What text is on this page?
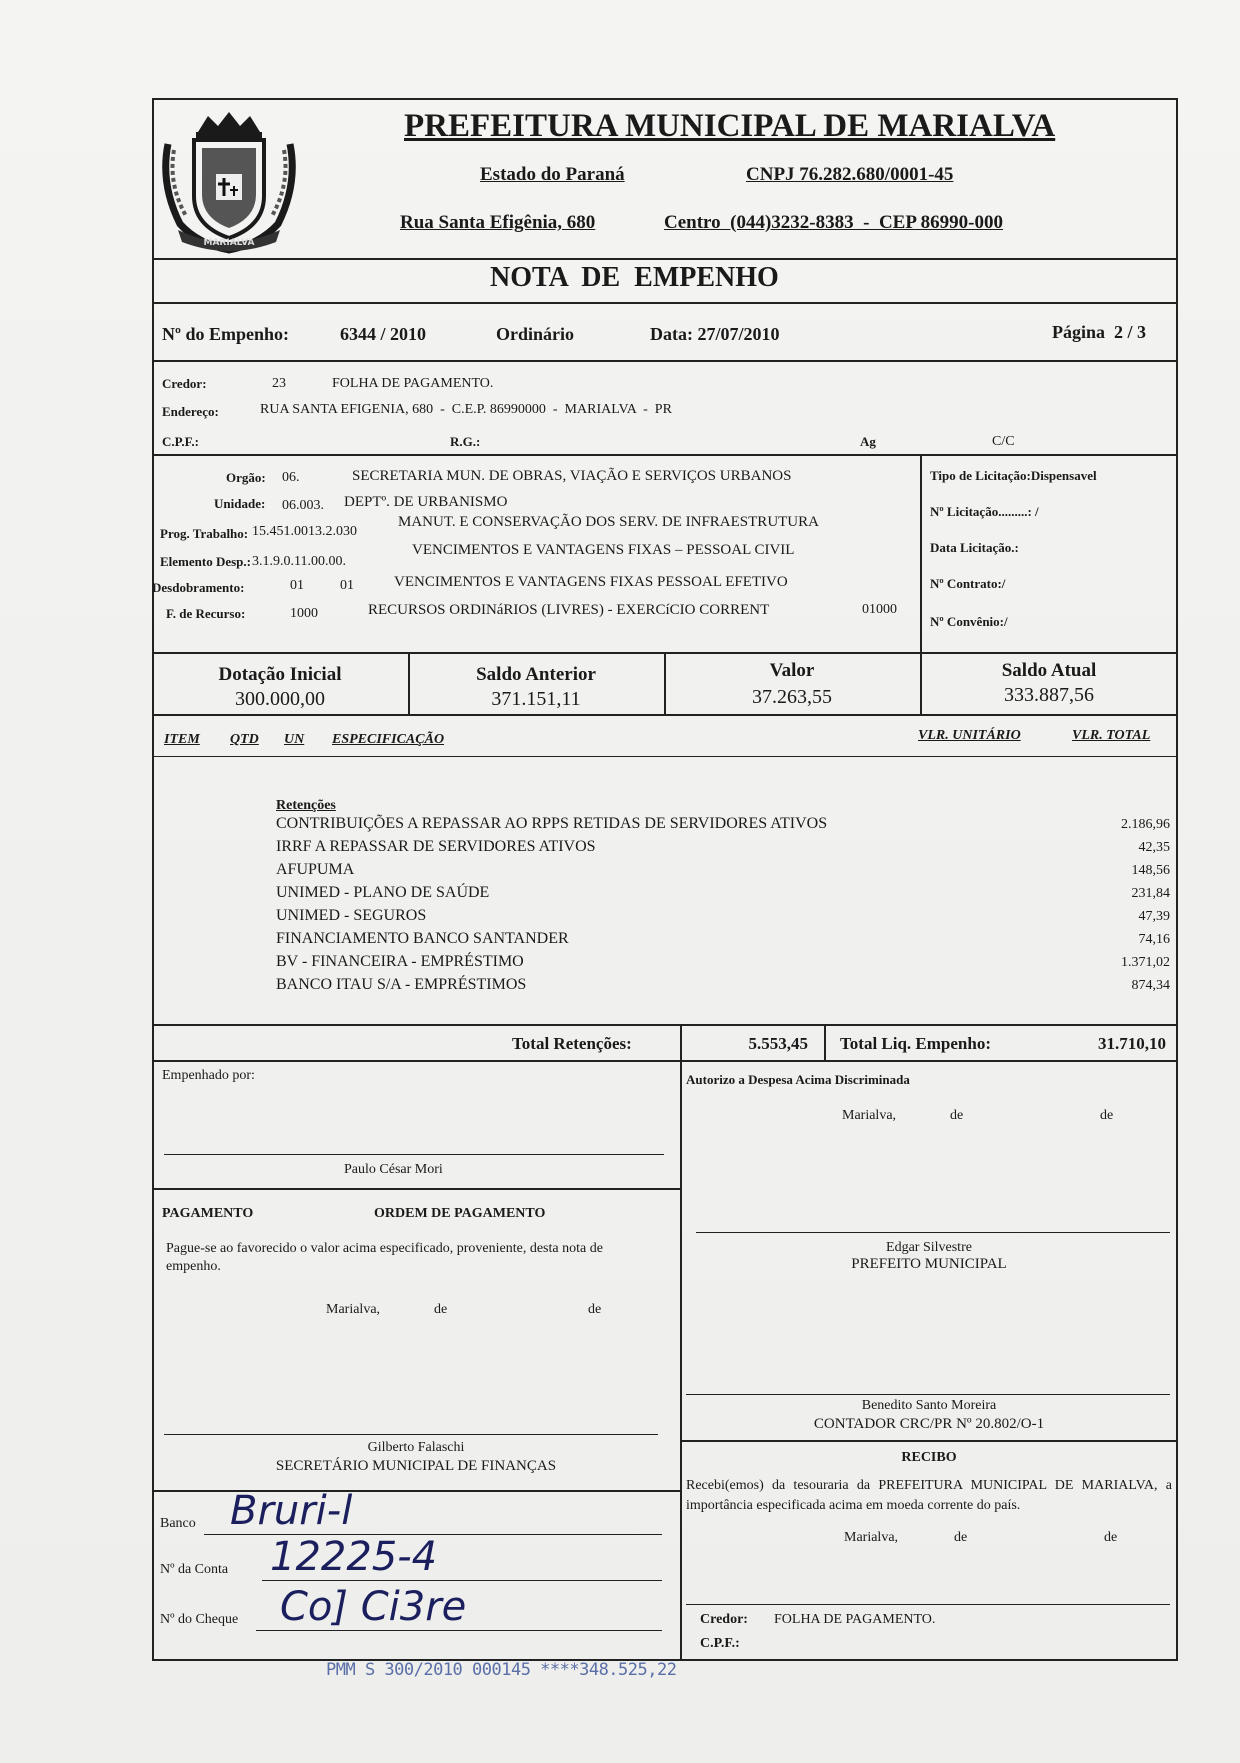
MARIALVA
PREFEITURA MUNICIPAL DE MARIALVA
Estado do Paraná	CNPJ 76.282.680/0001-45
Rua Santa Efigênia, 680	Centro  (044)3232-8383  -  CEP 86990-000
NOTA  DE  EMPENHO
Nº do Empenho:	6344 / 2010	Ordinário	Data: 27/07/2010	Página  2 / 3
Credor:	23	FOLHA DE PAGAMENTO.
Endereço:	RUA SANTA EFIGENIA, 680  -  C.E.P. 86990000  -  MARIALVA  -  PR
C.P.F.:	R.G.:	Ag	C/C
Orgão: 06.	SECRETARIA MUN. DE OBRAS, VIAÇÃO E SERVIÇOS URBANOS
Unidade: 06.003. DEPTº. DE URBANISMO
Prog. Trabalho: 15.451.0013.2.030
MANUT. E CONSERVAÇÃO DOS SERV. DE INFRAESTRUTURA
Elemento Desp.: 3.1.9.0.11.00.00.
VENCIMENTOS E VANTAGENS FIXAS – PESSOAL CIVIL
Desdobramento:	01	01	VENCIMENTOS E VANTAGENS FIXAS PESSOAL EFETIVO
F. de Recurso:	1000	RECURSOS ORDINáRIOS (LIVRES) - EXERCíCIO CORRENT	01000
Tipo de Licitação:Dispensavel
Nº Licitação.........: /
Data Licitação.:
Nº Contrato:/
Nº Convênio:/
Dotação Inicial
300.000,00
Saldo Anterior
371.151,11
Valor
37.263,55
Saldo Atual
333.887,56
ITEM QTD UN ESPECIFICAÇÃO	VLR. UNITÁRIO	VLR. TOTAL
Retenções
CONTRIBUIÇÕES A REPASSAR AO RPPS RETIDAS DE SERVIDORES ATIVOS	2.186,96
IRRF A REPASSAR DE SERVIDORES ATIVOS	42,35
AFUPUMA	148,56
UNIMED - PLANO DE SAÚDE	231,84
UNIMED - SEGUROS	47,39
FINANCIAMENTO BANCO SANTANDER	74,16
BV - FINANCEIRA - EMPRÉSTIMO	1.371,02
BANCO ITAU S/A - EMPRÉSTIMOS	874,34
Total Retenções:	5.553,45 Total Liq. Empenho:	31.710,10
Empenhado por:
Paulo César Mori
Autorizo a Despesa Acima Discriminada
Marialva,	de	de
Edgar Silvestre
PREFEITO MUNICIPAL
PAGAMENTO	ORDEM DE PAGAMENTO
Pague-se ao favorecido o valor acima especificado, proveniente, desta nota de empenho.
Marialva,	de	de
Benedito Santo Moreira
CONTADOR CRC/PR Nº 20.802/O-1
Gilberto Falaschi
SECRETÁRIO MUNICIPAL DE FINANÇAS
RECIBO
Recebi(emos) da tesouraria da PREFEITURA MUNICIPAL DE MARIALVA, a importância especificada acima em moeda corrente do país.
Marialva,	de	de
Credor: FOLHA DE PAGAMENTO.
C.P.F.:
Banco Bruri-l
Nº da Conta 12225-4
Nº do Cheque Co] Ci3re
PMM S 300/2010 000145 ****348.525,22
